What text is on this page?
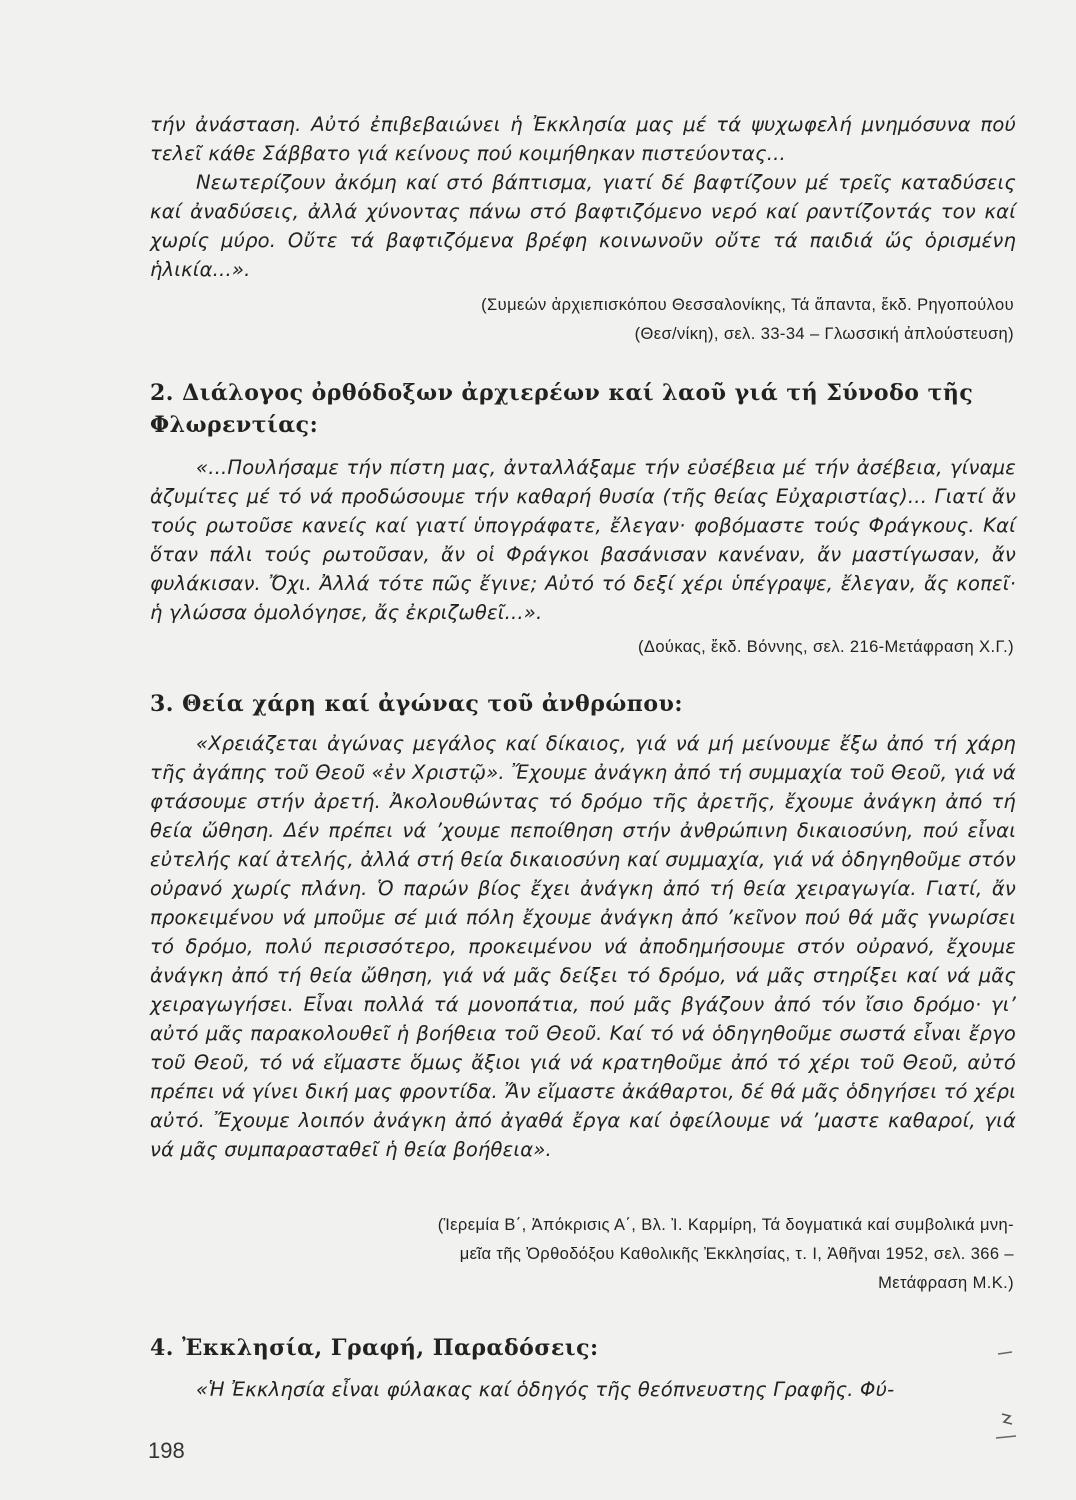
τήν ἀνάσταση. Αὐτό ἐπιβεβαιώνει ἡ Ἐκκλησία μας μέ τά ψυχωφελή μνημόσυνα πού τελεῖ κάθε Σάββατο γιά κείνους πού κοιμήθηκαν πιστεύοντας...

Νεωτερίζουν ἀκόμη καί στό βάπτισμα, γιατί δέ βαφτίζουν μέ τρεῖς καταδύσεις καί ἀναδύσεις, ἀλλά χύνοντας πάνω στό βαφτιζόμενο νερό καί ραντίζοντάς τον καί χωρίς μύρο. Οὔτε τά βαφτιζόμενα βρέφη κοινωνοῦν οὔτε τά παιδιά ὥς ὁρισμένη ἡλικία...».

(Συμεών ἀρχιεπισκόπου Θεσσαλονίκης, Τά ἅπαντα, ἔκδ. Ρηγοπούλου
(Θεσ/νίκη), σελ. 33-34 – Γλωσσική ἀπλούστευση)
2. Διάλογος ὀρθόδοξων ἀρχιερέων καί λαοῦ γιά τή Σύνοδο τῆς Φλωρεντίας:

«...Πουλήσαμε τήν πίστη μας, ἀνταλλάξαμε τήν εὐσέβεια μέ τήν ἀσέβεια, γίναμε ἀζυμίτες μέ τό νά προδώσουμε τήν καθαρή θυσία (τῆς θείας Εὐχαριστίας)... Γιατί ἄν τούς ρωτοῦσε κανείς καί γιατί ὑπογράφατε, ἔλεγαν· φοβόμαστε τούς Φράγκους. Καί ὅταν πάλι τούς ρωτοῦσαν, ἄν οἱ Φράγκοι βασάνισαν κανέναν, ἄν μαστίγωσαν, ἄν φυλάκισαν. Ὄχι. Ἀλλά τότε πῶς ἔγινε; Αὐτό τό δεξί χέρι ὑπέγραψε, ἔλεγαν, ἄς κοπεῖ· ἡ γλώσσα ὁμολόγησε, ἄς ἐκριζωθεῖ...».

(Δούκας, ἔκδ. Βόννης, σελ. 216-Μετάφραση Χ.Γ.)
3. Θεία χάρη καί ἀγώνας τοῦ ἀνθρώπου:

«Χρειάζεται ἀγώνας μεγάλος καί δίκαιος, γιά νά μή μείνουμε ἔξω ἀπό τή χάρη τῆς ἀγάπης τοῦ Θεοῦ «ἐν Χριστῷ». Ἔχουμε ἀνάγκη ἀπό τή συμμαχία τοῦ Θεοῦ, γιά νά φτάσουμε στήν ἀρετή. Ἀκολουθώντας τό δρόμο τῆς ἀρετῆς, ἔχουμε ἀνάγκη ἀπό τή θεία ὤθηση. Δέν πρέπει νά ’χουμε πεποίθηση στήν ἀνθρώπινη δικαιοσύνη, πού εἶναι εὐτελής καί ἀτελής, ἀλλά στή θεία δικαιοσύνη καί συμμαχία, γιά νά ὁδηγηθοῦμε στόν οὐρανό χωρίς πλάνη. Ὁ παρών βίος ἔχει ἀνάγκη ἀπό τή θεία χειραγωγία. Γιατί, ἄν προκειμένου νά μποῦμε σέ μιά πόλη ἔχουμε ἀνάγκη ἀπό ’κεῖνον πού θά μᾶς γνωρίσει τό δρόμο, πολύ περισσότερο, προκειμένου νά ἀποδημήσουμε στόν οὐρανό, ἔχουμε ἀνάγκη ἀπό τή θεία ὤθηση, γιά νά μᾶς δείξει τό δρόμο, νά μᾶς στηρίξει καί νά μᾶς χειραγωγήσει. Εἶναι πολλά τά μονοπάτια, πού μᾶς βγάζουν ἀπό τόν ἴσιο δρόμο· γι’ αὐτό μᾶς παρακολουθεῖ ἡ βοήθεια τοῦ Θεοῦ. Καί τό νά ὁδηγηθοῦμε σωστά εἶναι ἔργο τοῦ Θεοῦ, τό νά εἴμαστε ὅμως ἄξιοι γιά νά κρατηθοῦμε ἀπό τό χέρι τοῦ Θεοῦ, αὐτό πρέπει νά γίνει δική μας φροντίδα. Ἄν εἴμαστε ἀκάθαρτοι, δέ θά μᾶς ὁδηγήσει τό χέρι αὐτό. Ἔχουμε λοιπόν ἀνάγκη ἀπό ἀγαθά ἔργα καί ὀφείλουμε νά ’μαστε καθαροί, γιά νά μᾶς συμπαρασταθεῖ ἡ θεία βοήθεια».

(Ἱερεμία Β΄, Ἀπόκρισις Α΄, Βλ. Ἰ. Καρμίρη, Τά δογματικά καί συμβολικά μνη-
μεῖα τῆς Ὀρθοδόξου Καθολικῆς Ἐκκλησίας, τ. Ι, Ἀθῆναι 1952, σελ. 366 –
Μετάφραση Μ.Κ.)
4. Ἐκκλησία, Γραφή, Παραδόσεις:

«Ἡ Ἐκκλησία εἶναι φύλακας καί ὁδηγός τῆς θεόπνευστης Γραφῆς. Φύ-

198
